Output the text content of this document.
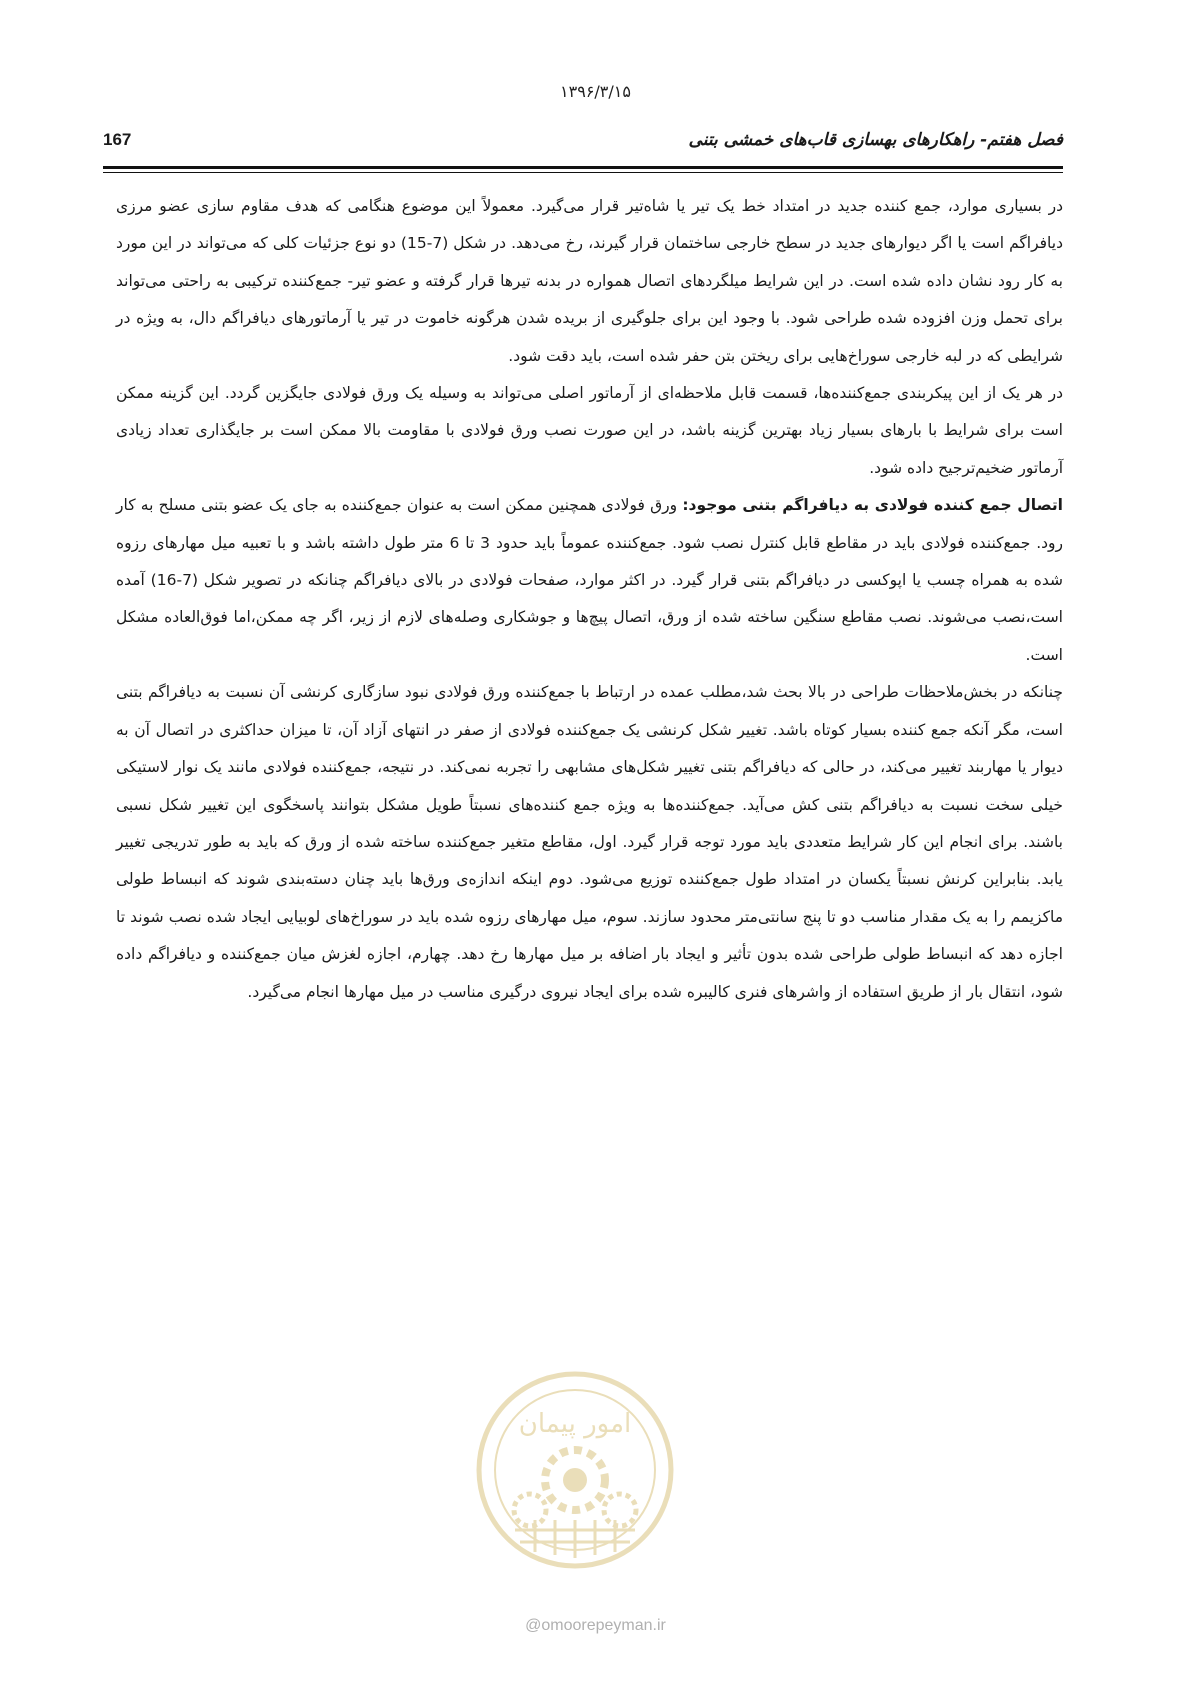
۱۳۹۶/۳/۱۵
فصل هفتم- راهکارهای بهسازی قاب‌های خمشی بتنی
167

در بسیاری موارد، جمع کننده جدید در امتداد خط یک تیر یا شاه‌تیر قرار می‌گیرد. معمولاً این موضوع هنگامی که هدف مقاوم سازی عضو مرزی دیافراگم است یا اگر دیوارهای جدید در سطح خارجی ساختمان قرار گیرند، رخ می‌دهد. در شکل (7-15) دو نوع جزئیات کلی که می‌تواند در این مورد به کار رود نشان داده شده است. در این شرایط میلگردهای اتصال همواره در بدنه تیرها قرار گرفته و عضو تیر- جمع‌کننده ترکیبی به راحتی می‌تواند برای تحمل وزن افزوده شده طراحی شود. با وجود این برای جلوگیری از بریده شدن هرگونه خاموت در تیر یا آرماتورهای دیافراگم دال، به ویژه در شرایطی که در لبه خارجی سوراخ‌هایی برای ریختن بتن حفر شده است، باید دقت شود.

در هر یک از این پیکربندی جمع‌کننده‌ها، قسمت قابل ملاحظه‌ای از آرماتور اصلی می‌تواند به وسیله یک ورق فولادی جایگزین گردد. این گزینه ممکن است برای شرایط با بارهای بسیار زیاد بهترین گزینه باشد، در این صورت نصب ورق فولادی با مقاومت بالا ممکن است بر جایگذاری تعداد زیادی آرماتور ضخیم‌ترجیح داده شود.

اتصال جمع کننده فولادی به دیافراگم بتنی موجود: ورق فولادی همچنین ممکن است به عنوان جمع‌کننده به جای یک عضو بتنی مسلح به کار رود. جمع‌کننده فولادی باید در مقاطع قابل کنترل نصب شود. جمع‌کننده عموماً باید حدود 3 تا 6 متر طول داشته باشد و با تعبیه میل مهارهای رزوه شده به همراه چسب یا اپوکسی در دیافراگم بتنی قرار گیرد. در اکثر موارد، صفحات فولادی در بالای دیافراگم چنانکه در تصویر شکل (7-16) آمده است،نصب می‌شوند. نصب مقاطع سنگین ساخته شده از ورق، اتصال پیچ‌ها و جوشکاری وصله‌های لازم از زیر، اگر چه ممکن،اما فوق‌العاده مشکل است.

چنانکه در بخش‌ملاحظات طراحی در بالا بحث شد،مطلب عمده در ارتباط با جمع‌کننده ورق فولادی نبود سازگاری کرنشی آن نسبت به دیافراگم بتنی است، مگر آنکه جمع کننده بسیار کوتاه باشد. تغییر شکل کرنشی یک جمع‌کننده فولادی از صفر در انتهای آزاد آن، تا میزان حداکثری در اتصال آن به دیوار یا مهاربند تغییر می‌کند، در حالی که دیافراگم بتنی تغییر شکل‌های مشابهی را تجربه نمی‌کند. در نتیجه، جمع‌کننده فولادی مانند یک نوار لاستیکی خیلی سخت نسبت به دیافراگم بتنی کش می‌آید. جمع‌کننده‌ها به ویژه جمع کننده‌های نسبتاً طویل مشکل بتوانند پاسخگوی این تغییر شکل نسبی باشند. برای انجام این کار شرایط متعددی باید مورد توجه قرار گیرد. اول، مقاطع متغیر جمع‌کننده ساخته شده از ورق که باید به طور تدریجی تغییر یابد. بنابراین کرنش نسبتاً یکسان در امتداد طول جمع‌کننده توزیع می‌شود. دوم اینکه اندازه‌ی ورق‌ها باید چنان دسته‌بندی شوند که انبساط طولی ماکزیمم را به یک مقدار مناسب دو تا پنج سانتی‌متر محدود سازند. سوم، میل مهارهای رزوه شده باید در سوراخ‌های لوبیایی ایجاد شده نصب شوند تا اجازه دهد که انبساط طولی طراحی شده بدون تأثیر و ایجاد بار اضافه بر میل مهارها رخ دهد. چهارم، اجازه لغزش میان جمع‌کننده و دیافراگم داده شود، انتقال بار از طریق استفاده از واشرهای فنری کالیبره شده برای ایجاد نیروی درگیری مناسب در میل مهارها انجام می‌گیرد.

امور پیمان
@omoorepeyman.ir
